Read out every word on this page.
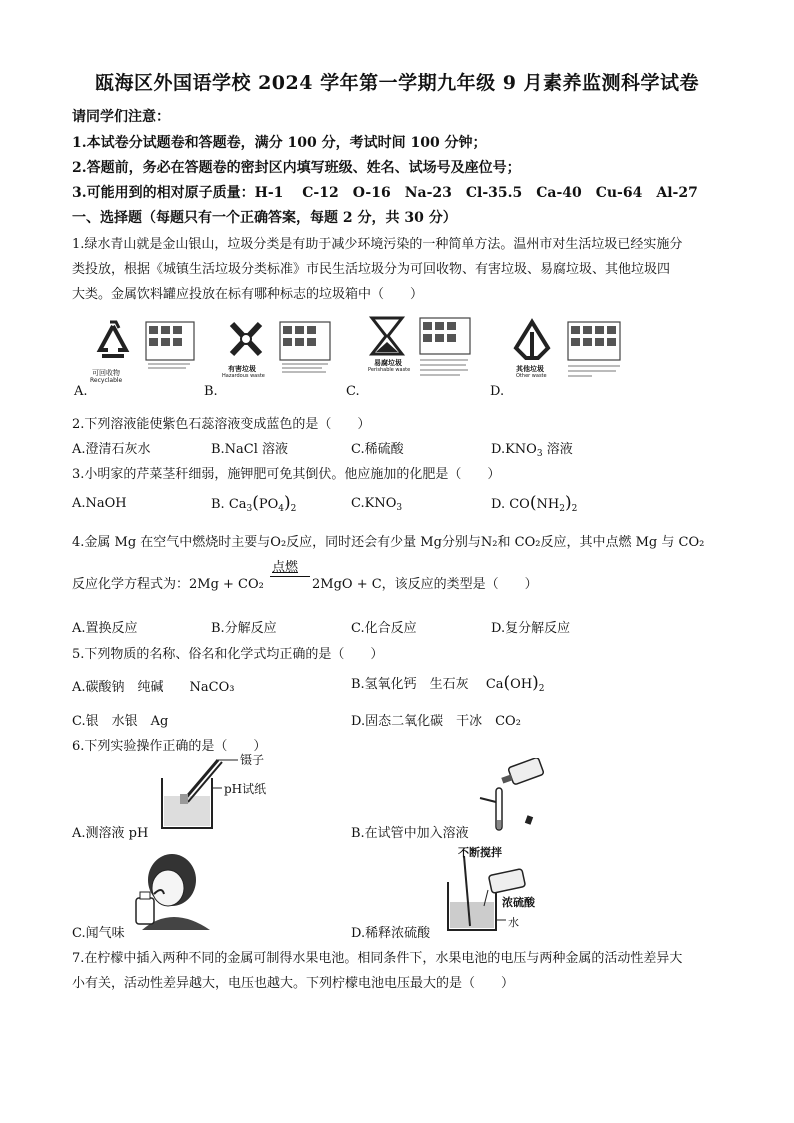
瓯海区外国语学校 2024 学年第一学期九年级 9 月素养监测科学试卷
请同学们注意：
1.本试卷分试题卷和答题卷，满分 100 分，考试时间 100 分钟；
2.答题前，务必在答题卷的密封区内填写班级、姓名、试场号及座位号；
3.可能用到的相对原子质量：H-1　 C-12　O-16　Na-23　Cl-35.5　Ca-40　Cu-64　Al-27
一、选择题（每题只有一个正确答案，每题 2 分，共 30 分）
1.绿水青山就是金山银山，垃圾分类是有助于减少环境污染的一种简单方法。温州市对生活垃圾已经实施分
类投放，根据《城镇生活垃圾分类标准》市民生活垃圾分为可回收物、有害垃圾、易腐垃圾、其他垃圾四
大类。金属饮料罐应投放在标有哪种标志的垃圾箱中（　　）
可回收物
Recyclable
A.
有害垃圾
Hazardous waste
B.
易腐垃圾
Perishable waste
C.
其他垃圾
Other waste
D.
2.下列溶液能使紫色石蕊溶液变成蓝色的是（　　）
A.澄清石灰水	B.NaCl 溶液	C.稀硫酸	$D.KNO_3$ 溶液
3.小明家的芹菜茎秆细弱，施钾肥可免其倒伏。他应施加的化肥是（　　）
A.NaOH	B. $Ca_3(PO_4)_2$	$C.KNO_3$	D. $CO(NH_2)_2$
4.金属 Mg 在空气中燃烧时主要与O₂反应，同时还会有少量 Mg分别与N₂和 CO₂反应，其中点燃 Mg 与 CO₂
反应化学方程式为：2Mg + CO₂
点燃
2MgO + C，该反应的类型是（　　）
A.置换反应	B.分解反应	C.化合反应	D.复分解反应
5.下列物质的名称、俗名和化学式均正确的是（　　）
A.碳酸钠　纯碱　　NaCO₃	B.氢氧化钙　生石灰　 $Ca(OH)_2$
C.银　水银　Ag	D.固态二氧化碳　干冰　CO₂
6.下列实验操作正确的是（　　）
镊子
pH试纸
A.测溶液 pH	B.在试管中加入溶液
C.闻气味
不断搅拌
浓硫酸
水
D.稀释浓硫酸
7.在柠檬中插入两种不同的金属可制得水果电池。相同条件下，水果电池的电压与两种金属的活动性差异大
小有关，活动性差异越大，电压也越大。下列柠檬电池电压最大的是（　　）
